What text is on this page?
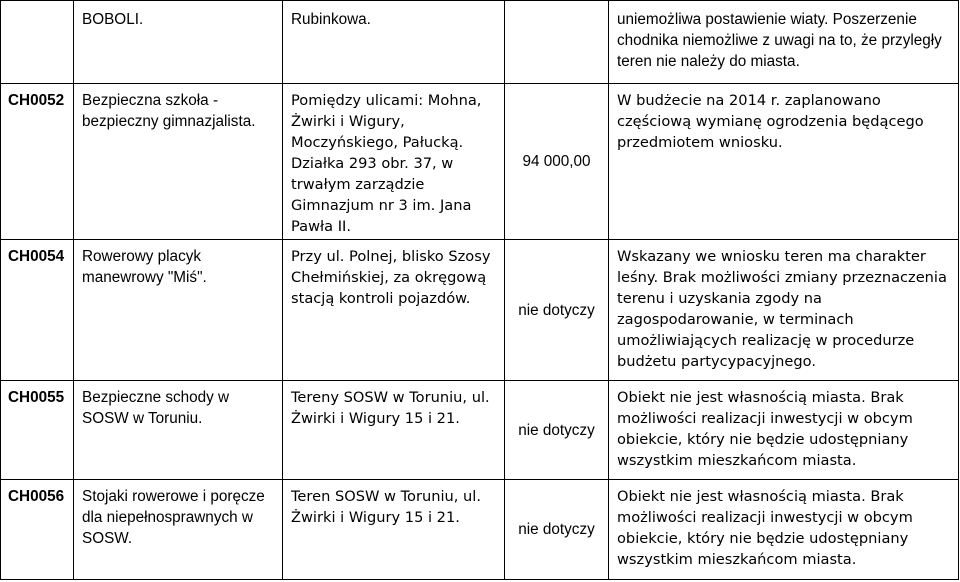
	BOBOLI.	Rubinkowa.		uniemożliwa postawienie wiaty. Poszerzenie chodnika niemożliwe z uwagi na to, że przyległy teren nie należy do miasta.
CH0052	Bezpieczna szkoła - bezpieczny gimnazjalista.	Pomiędzy ulicami: Mohna, Żwirki i Wigury, Moczyńskiego, Pałucką. Działka 293 obr. 37, w trwałym zarządzie Gimnazjum nr 3 im. Jana Pawła II.	94 000,00	W budżecie na 2014 r. zaplanowano częściową wymianę ogrodzenia będącego przedmiotem wniosku.
CH0054	Rowerowy placyk manewrowy "Miś".	Przy ul. Polnej, blisko Szosy Chełmińskiej, za okręgową stacją kontroli pojazdów.	nie dotyczy	Wskazany we wniosku teren ma charakter leśny. Brak możliwości zmiany przeznaczenia terenu i uzyskania zgody na zagospodarowanie, w terminach umożliwiających realizację w procedurze budżetu partycypacyjnego.
CH0055	Bezpieczne schody w SOSW w Toruniu.	Tereny SOSW w Toruniu, ul. Żwirki i Wigury 15 i 21.	nie dotyczy	Obiekt nie jest własnością miasta. Brak możliwości realizacji inwestycji w obcym obiekcie, który nie będzie udostępniany wszystkim mieszkańcom miasta.
CH0056	Stojaki rowerowe i poręcze dla niepełnosprawnych w SOSW.	Teren SOSW w Toruniu, ul. Żwirki i Wigury 15 i 21.	nie dotyczy	Obiekt nie jest własnością miasta. Brak możliwości realizacji inwestycji w obcym obiekcie, który nie będzie udostępniany wszystkim mieszkańcom miasta.
